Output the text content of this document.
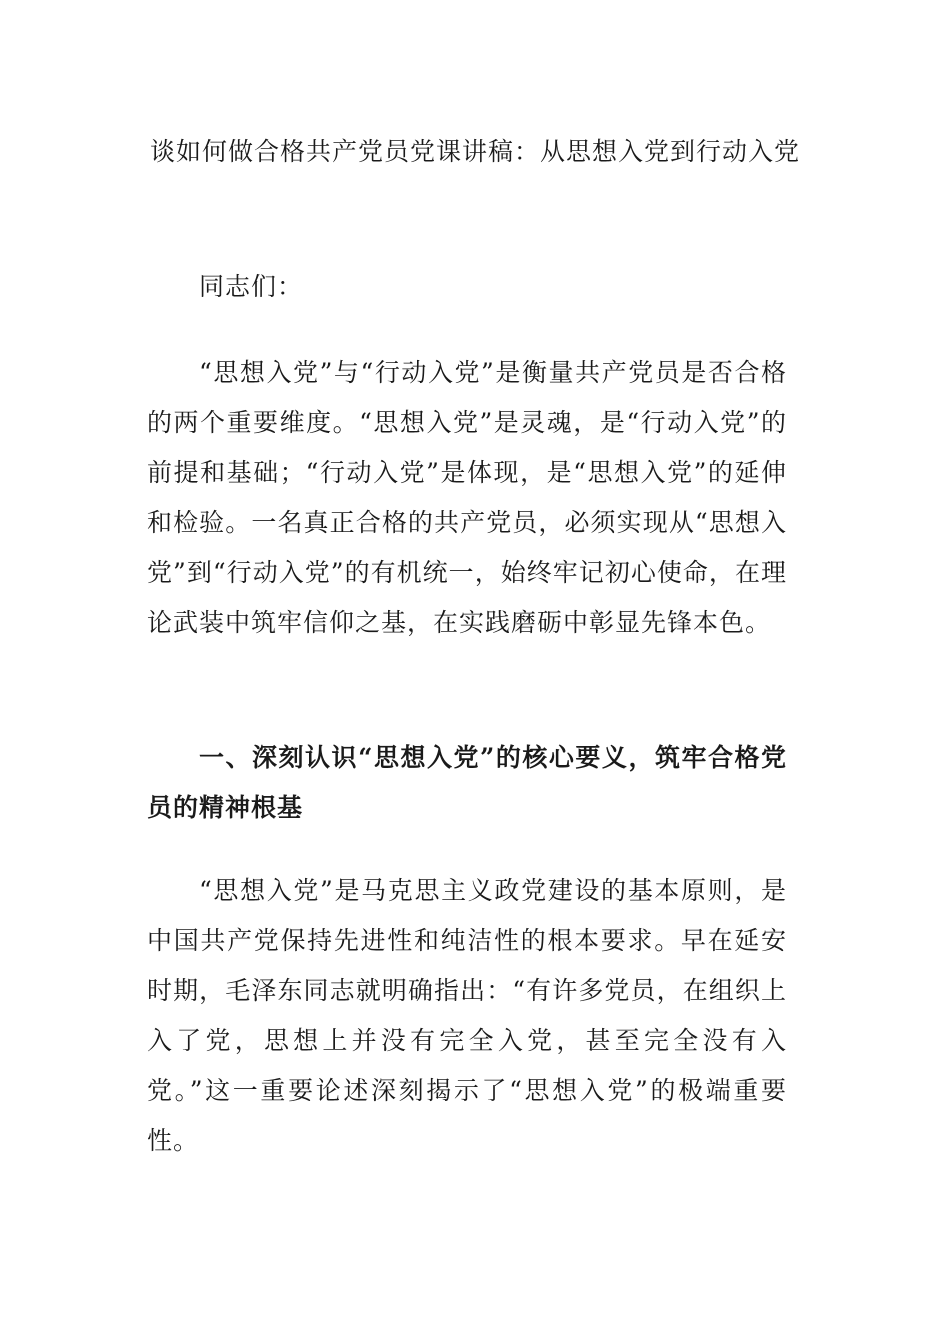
谈如何做合格共产党员党课讲稿：从思想入党到行动入党

同志们：

“思想入党”与“行动入党”是衡量共产党员是否合格的两个重要维度。“思想入党”是灵魂，是“行动入党”的前提和基础；“行动入党”是体现，是“思想入党”的延伸和检验。一名真正合格的共产党员，必须实现从“思想入党”到“行动入党”的有机统一，始终牢记初心使命，在理论武装中筑牢信仰之基，在实践磨砺中彰显先锋本色。

一、深刻认识“思想入党”的核心要义，筑牢合格党员的精神根基

“思想入党”是马克思主义政党建设的基本原则，是中国共产党保持先进性和纯洁性的根本要求。早在延安时期，毛泽东同志就明确指出：“有许多党员，在组织上入了党，思想上并没有完全入党，甚至完全没有入党。”这一重要论述深刻揭示了“思想入党”的极端重要性。
